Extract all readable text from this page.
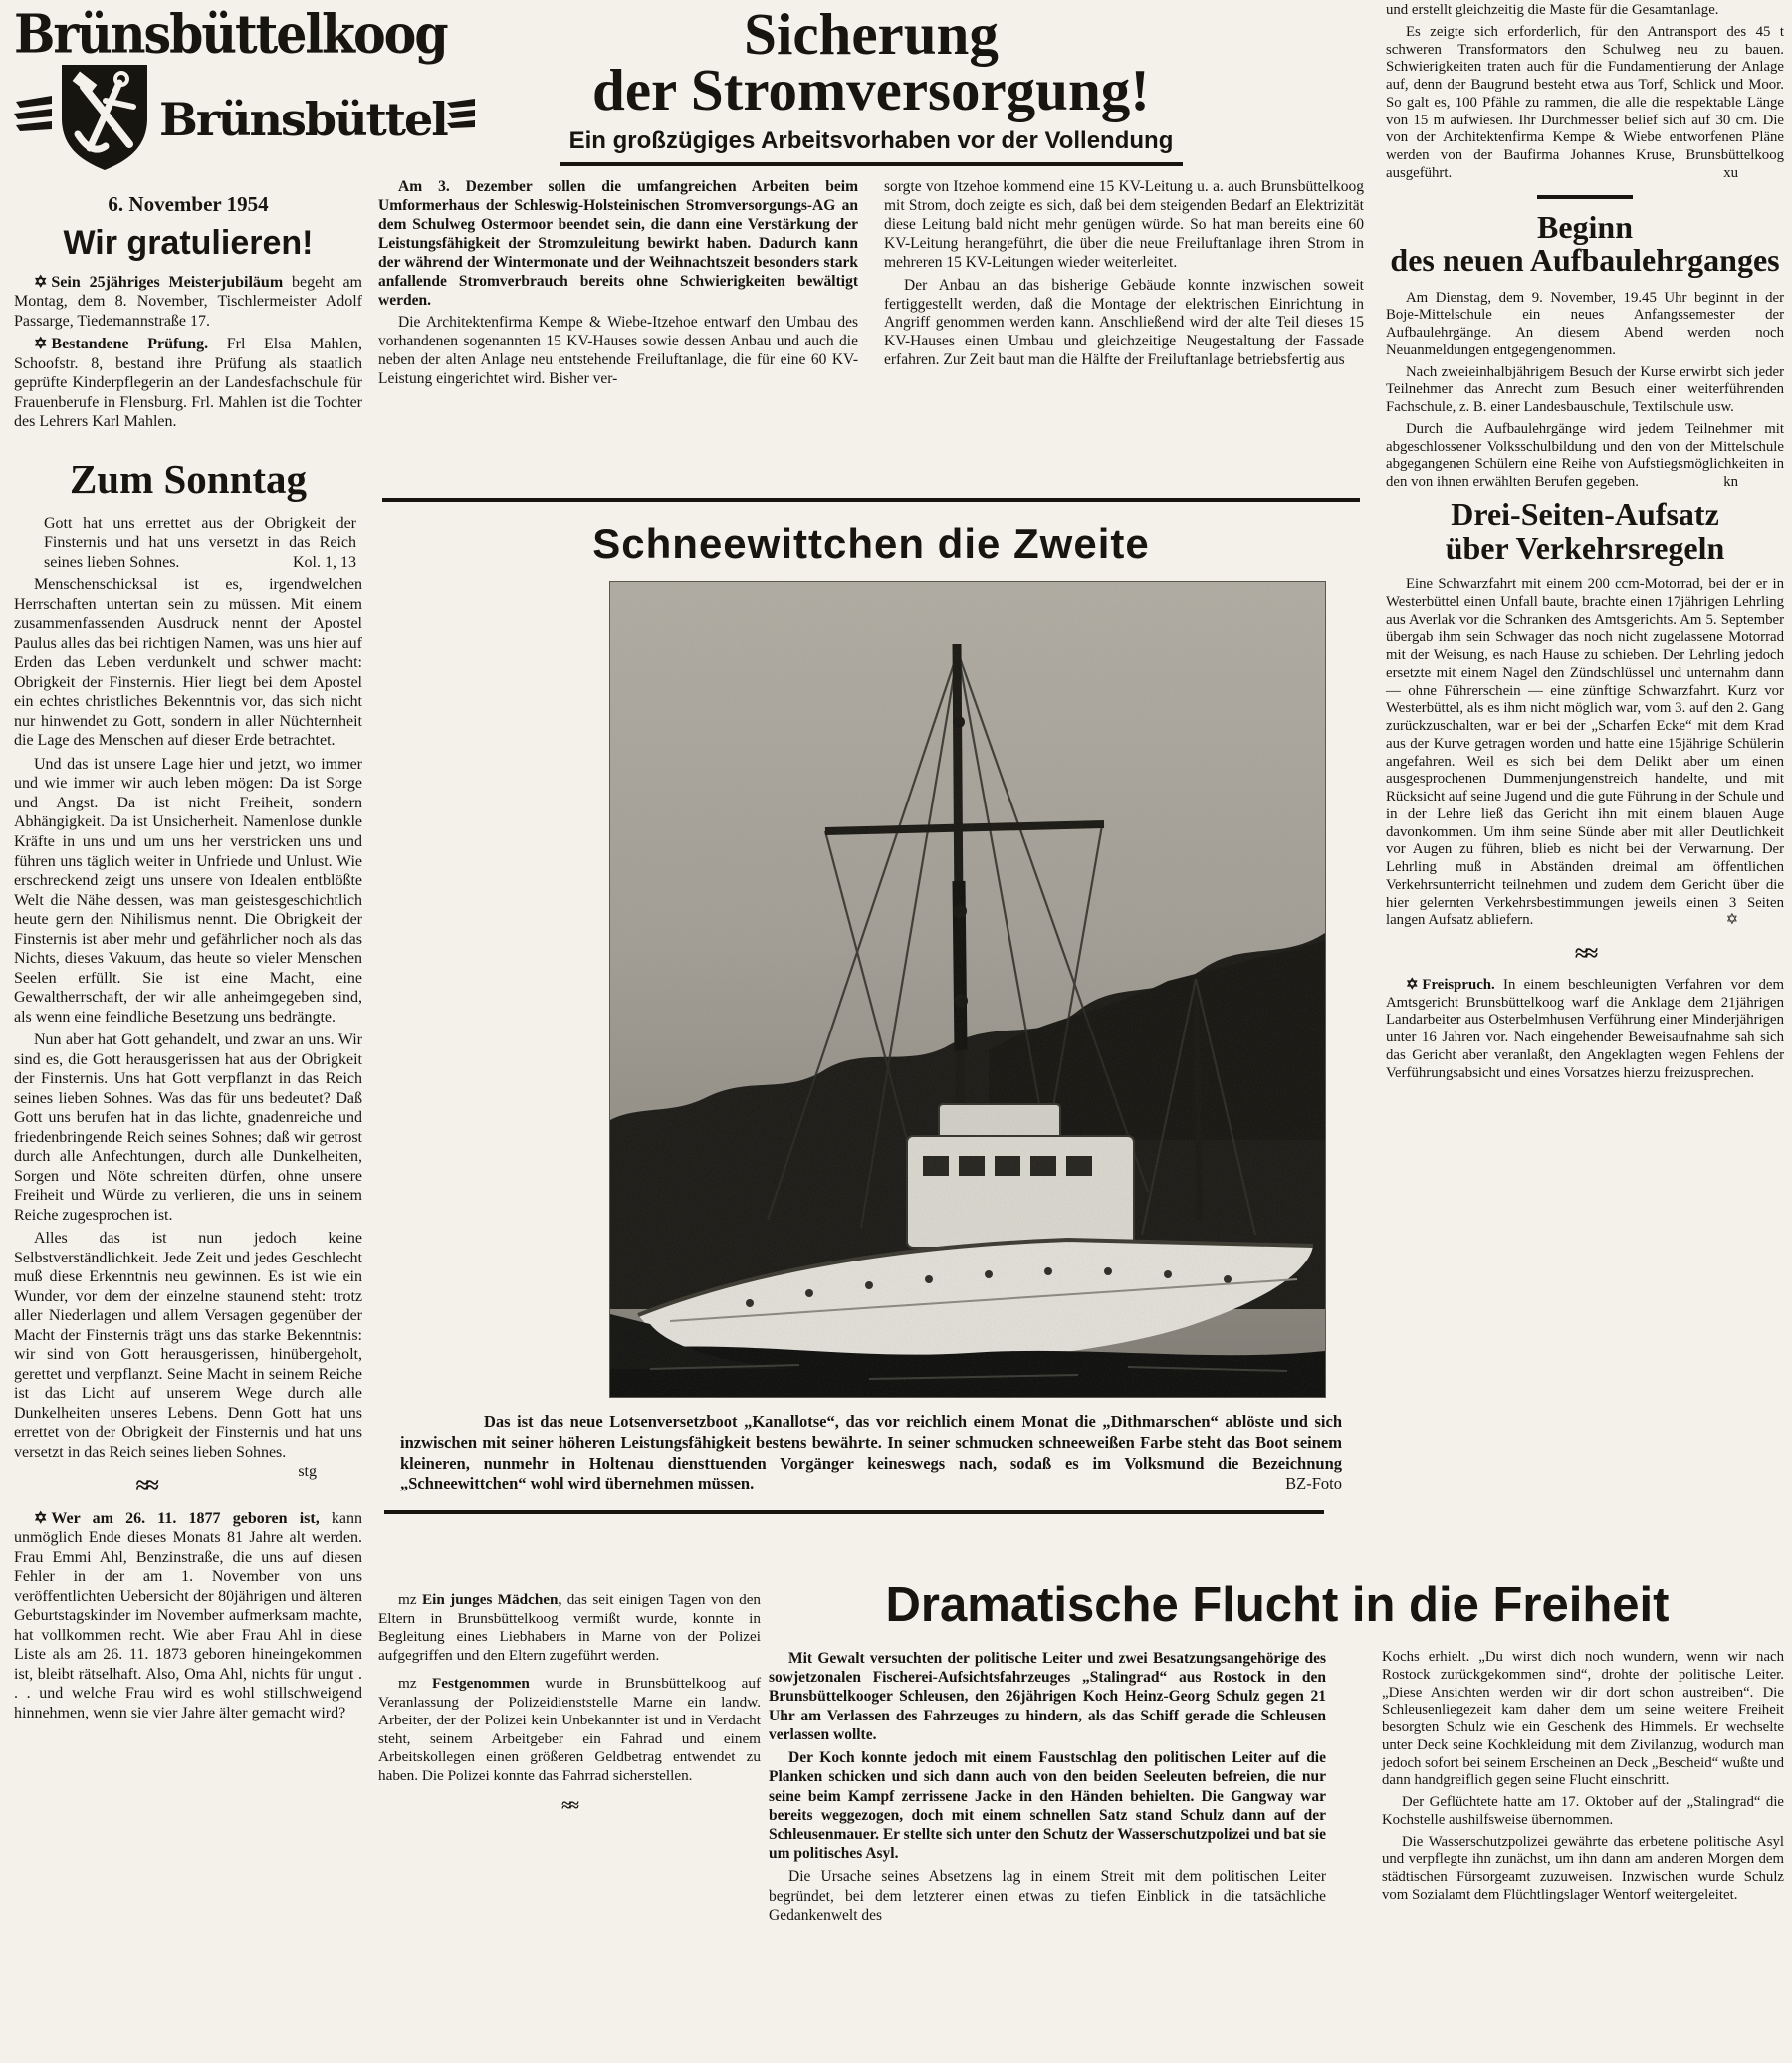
Brünsbüttelkoog
Brünsbüttel
6. November 1954
Wir gratulieren!

✡ Sein 25jähriges Meisterjubiläum begeht am Montag, dem 8. November, Tischlermeister Adolf Passarge, Tiedemannstraße 17.

✡ Bestandene Prüfung. Frl Elsa Mahlen, Schoofstr. 8, bestand ihre Prüfung als staatlich geprüfte Kinderpflegerin an der Landesfachschule für Frauenberufe in Flensburg. Frl. Mahlen ist die Tochter des Lehrers Karl Mahlen.

Zum Sonntag

Gott hat uns errettet aus der Obrigkeit der Finsternis und hat uns versetzt in das Reich seines lieben Sohnes.	Kol. 1, 13

Menschenschicksal ist es, irgendwelchen Herrschaften untertan sein zu müssen. Mit einem zusammenfassenden Ausdruck nennt der Apostel Paulus alles das bei richtigen Namen, was uns hier auf Erden das Leben verdunkelt und schwer macht: Obrigkeit der Finsternis. Hier liegt bei dem Apostel ein echtes christliches Bekenntnis vor, das sich nicht nur hinwendet zu Gott, sondern in aller Nüchternheit die Lage des Menschen auf dieser Erde betrachtet.

Und das ist unsere Lage hier und jetzt, wo immer und wie immer wir auch leben mögen: Da ist Sorge und Angst. Da ist nicht Freiheit, sondern Abhängigkeit. Da ist Unsicherheit. Namenlose dunkle Kräfte in uns und um uns her verstricken uns und führen uns täglich weiter in Unfriede und Unlust. Wie erschreckend zeigt uns unsere von Idealen entblößte Welt die Nähe dessen, was man geistesgeschichtlich heute gern den Nihilismus nennt. Die Obrigkeit der Finsternis ist aber mehr und gefährlicher noch als das Nichts, dieses Vakuum, das heute so vieler Menschen Seelen erfüllt. Sie ist eine Macht, eine Gewaltherrschaft, der wir alle anheimgegeben sind, als wenn eine feindliche Besetzung uns bedrängte.

Nun aber hat Gott gehandelt, und zwar an uns. Wir sind es, die Gott herausgerissen hat aus der Obrigkeit der Finsternis. Uns hat Gott verpflanzt in das Reich seines lieben Sohnes. Was das für uns bedeutet? Daß Gott uns berufen hat in das lichte, gnadenreiche und friedenbringende Reich seines Sohnes; daß wir getrost durch alle Anfechtungen, durch alle Dunkelheiten, Sorgen und Nöte schreiten dürfen, ohne unsere Freiheit und Würde zu verlieren, die uns in seinem Reiche zugesprochen ist.

Alles das ist nun jedoch keine Selbstverständlichkeit. Jede Zeit und jedes Geschlecht muß diese Erkenntnis neu gewinnen. Es ist wie ein Wunder, vor dem der einzelne staunend steht: trotz aller Niederlagen und allem Versagen gegenüber der Macht der Finsternis trägt uns das starke Bekenntnis: wir sind von Gott herausgerissen, hinübergeholt, gerettet und verpflanzt. Seine Macht in seinem Reiche ist das Licht auf unserem Wege durch alle Dunkelheiten unseres Lebens. Denn Gott hat uns errettet von der Obrigkeit der Finsternis und hat uns versetzt in das Reich seines lieben Sohnes.
stg

≈≈

✡ Wer am 26. 11. 1877 geboren ist, kann unmöglich Ende dieses Monats 81 Jahre alt werden. Frau Emmi Ahl, Benzinstraße, die uns auf diesen Fehler in der am 1. November von uns veröffentlichten Uebersicht der 80jährigen und älteren Geburtstagskinder im November aufmerksam machte, hat vollkommen recht. Wie aber Frau Ahl in diese Liste als am 26. 11. 1873 geboren hineingekommen ist, bleibt rätselhaft. Also, Oma Ahl, nichts für ungut . . . und welche Frau wird es wohl stillschweigend hinnehmen, wenn sie vier Jahre älter gemacht wird?

Sicherung
der Stromversorgung!
Ein großzügiges Arbeitsvorhaben vor der Vollendung

Am 3. Dezember sollen die umfangreichen Arbeiten beim Umformerhaus der Schleswig-Holsteinischen Stromversorgungs-AG an dem Schulweg Ostermoor beendet sein, die dann eine Verstärkung der Leistungsfähigkeit der Stromzuleitung bewirkt haben. Dadurch kann der während der Wintermonate und der Weihnachtszeit besonders stark anfallende Stromverbrauch bereits ohne Schwierigkeiten bewältigt werden.

Die Architektenfirma Kempe & Wiebe-Itzehoe entwarf den Umbau des vorhandenen sogenannten 15 KV-Hauses sowie dessen Anbau und auch die neben der alten Anlage neu entstehende Freiluftanlage, die für eine 60 KV-Leistung eingerichtet wird. Bisher ver-

sorgte von Itzehoe kommend eine 15 KV-Leitung u. a. auch Brunsbüttelkoog mit Strom, doch zeigte es sich, daß bei dem steigenden Bedarf an Elektrizität diese Leitung bald nicht mehr genügen würde. So hat man bereits eine 60 KV-Leitung herangeführt, die über die neue Freiluftanlage ihren Strom in mehreren 15 KV-Leitungen wieder weiterleitet.

Der Anbau an das bisherige Gebäude konnte inzwischen soweit fertiggestellt werden, daß die Montage der elektrischen Einrichtung in Angriff genommen werden kann. Anschließend wird der alte Teil dieses 15 KV-Hauses einen Umbau und gleichzeitige Neugestaltung der Fassade erfahren. Zur Zeit baut man die Hälfte der Freiluftanlage betriebsfertig aus

Schneewittchen die Zweite

Das ist das neue Lotsenversetzboot „Kanallotse“, das vor reichlich einem Monat die „Dithmarschen“ ablöste und sich inzwischen mit seiner höheren Leistungsfähigkeit bestens bewährte. In seiner schmucken schneeweißen Farbe steht das Boot seinem kleineren, nunmehr in Holtenau diensttuenden Vorgänger keineswegs nach, sodaß es im Volksmund die Bezeichnung „Schneewittchen“ wohl wird übernehmen müssen.	BZ-Foto

und erstellt gleichzeitig die Maste für die Gesamtanlage.

Es zeigte sich erforderlich, für den Antransport des 45 t schweren Transformators den Schulweg neu zu bauen. Schwierigkeiten traten auch für die Fundamentierung der Anlage auf, denn der Baugrund besteht etwa aus Torf, Schlick und Moor. So galt es, 100 Pfähle zu rammen, die alle die respektable Länge von 15 m aufwiesen. Ihr Durchmesser belief sich auf 30 cm. Die von der Architektenfirma Kempe & Wiebe entworfenen Pläne werden von der Baufirma Johannes Kruse, Brunsbüttelkoog ausgeführt.	xu

Beginn
des neuen Aufbaulehrganges

Am Dienstag, dem 9. November, 19.45 Uhr beginnt in der Boje-Mittelschule ein neues Anfangssemester der Aufbaulehrgänge. An diesem Abend werden noch Neuanmeldungen entgegengenommen.

Nach zweieinhalbjährigem Besuch der Kurse erwirbt sich jeder Teilnehmer das Anrecht zum Besuch einer weiterführenden Fachschule, z. B. einer Landesbauschule, Textilschule usw.

Durch die Aufbaulehrgänge wird jedem Teilnehmer mit abgeschlossener Volksschulbildung und den von der Mittelschule abgegangenen Schülern eine Reihe von Aufstiegsmöglichkeiten in den von ihnen erwählten Berufen gegeben.	kn

Drei-Seiten-Aufsatz
über Verkehrsregeln

Eine Schwarzfahrt mit einem 200 ccm-Motorrad, bei der er in Westerbüttel einen Unfall baute, brachte einen 17jährigen Lehrling aus Averlak vor die Schranken des Amtsgerichts. Am 5. September übergab ihm sein Schwager das noch nicht zugelassene Motorrad mit der Weisung, es nach Hause zu schieben. Der Lehrling jedoch ersetzte mit einem Nagel den Zündschlüssel und unternahm dann — ohne Führerschein — eine zünftige Schwarzfahrt. Kurz vor Westerbüttel, als es ihm nicht möglich war, vom 3. auf den 2. Gang zurückzuschalten, war er bei der „Scharfen Ecke“ mit dem Krad aus der Kurve getragen worden und hatte eine 15jährige Schülerin angefahren. Weil es sich bei dem Delikt aber um einen ausgesprochenen Dummenjungenstreich handelte, und mit Rücksicht auf seine Jugend und die gute Führung in der Schule und in der Lehre ließ das Gericht ihn mit einem blauen Auge davonkommen. Um ihm seine Sünde aber mit aller Deutlichkeit vor Augen zu führen, blieb es nicht bei der Verwarnung. Der Lehrling muß in Abständen dreimal am öffentlichen Verkehrsunterricht teilnehmen und zudem dem Gericht über die hier gelernten Verkehrsbestimmungen jeweils einen 3 Seiten langen Aufsatz abliefern.	✡

≈≈

✡ Freispruch. In einem beschleunigten Verfahren vor dem Amtsgericht Brunsbüttelkoog warf die Anklage dem 21jährigen Landarbeiter aus Osterbelmhusen Verführung einer Minderjährigen unter 16 Jahren vor. Nach eingehender Beweisaufnahme sah sich das Gericht aber veranlaßt, den Angeklagten wegen Fehlens der Verführungsabsicht und eines Vorsatzes hierzu freizusprechen.

mz Ein junges Mädchen, das seit einigen Tagen von den Eltern in Brunsbüttelkoog vermißt wurde, konnte in Begleitung eines Liebhabers in Marne von der Polizei aufgegriffen und den Eltern zugeführt werden.

mz Festgenommen wurde in Brunsbüttelkoog auf Veranlassung der Polizeidienststelle Marne ein landw. Arbeiter, der der Polizei kein Unbekannter ist und in Verdacht steht, seinem Arbeitgeber ein Fahrad und einem Arbeitskollegen einen größeren Geldbetrag entwendet zu haben. Die Polizei konnte das Fahrrad sicherstellen.

≈≈
Dramatische Flucht in die Freiheit

Mit Gewalt versuchten der politische Leiter und zwei Besatzungsangehörige des sowjetzonalen Fischerei-Aufsichtsfahrzeuges „Stalingrad“ aus Rostock in den Brunsbüttelkooger Schleusen, den 26jährigen Koch Heinz-Georg Schulz gegen 21 Uhr am Verlassen des Fahrzeuges zu hindern, als das Schiff gerade die Schleusen verlassen wollte.

Der Koch konnte jedoch mit einem Faustschlag den politischen Leiter auf die Planken schicken und sich dann auch von den beiden Seeleuten befreien, die nur seine beim Kampf zerrissene Jacke in den Händen behielten. Die Gangway war bereits weggezogen, doch mit einem schnellen Satz stand Schulz dann auf der Schleusenmauer. Er stellte sich unter den Schutz der Wasserschutzpolizei und bat sie um politisches Asyl.

Die Ursache seines Absetzens lag in einem Streit mit dem politischen Leiter begründet, bei dem letzterer einen etwas zu tiefen Einblick in die tatsächliche Gedankenwelt des

Kochs erhielt. „Du wirst dich noch wundern, wenn wir nach Rostock zurückgekommen sind“, drohte der politische Leiter. „Diese Ansichten werden wir dir dort schon austreiben“. Die Schleusenliegezeit kam daher dem um seine weitere Freiheit besorgten Schulz wie ein Geschenk des Himmels. Er wechselte unter Deck seine Kochkleidung mit dem Zivilanzug, wodurch man jedoch sofort bei seinem Erscheinen an Deck „Bescheid“ wußte und dann handgreiflich gegen seine Flucht einschritt.

Der Geflüchtete hatte am 17. Oktober auf der „Stalingrad“ die Kochstelle aushilfsweise übernommen.

Die Wasserschutzpolizei gewährte das erbetene politische Asyl und verpflegte ihn zunächst, um ihn dann am anderen Morgen dem städtischen Fürsorgeamt zuzuweisen. Inzwischen wurde Schulz vom Sozialamt dem Flüchtlingslager Wentorf weitergeleitet.
